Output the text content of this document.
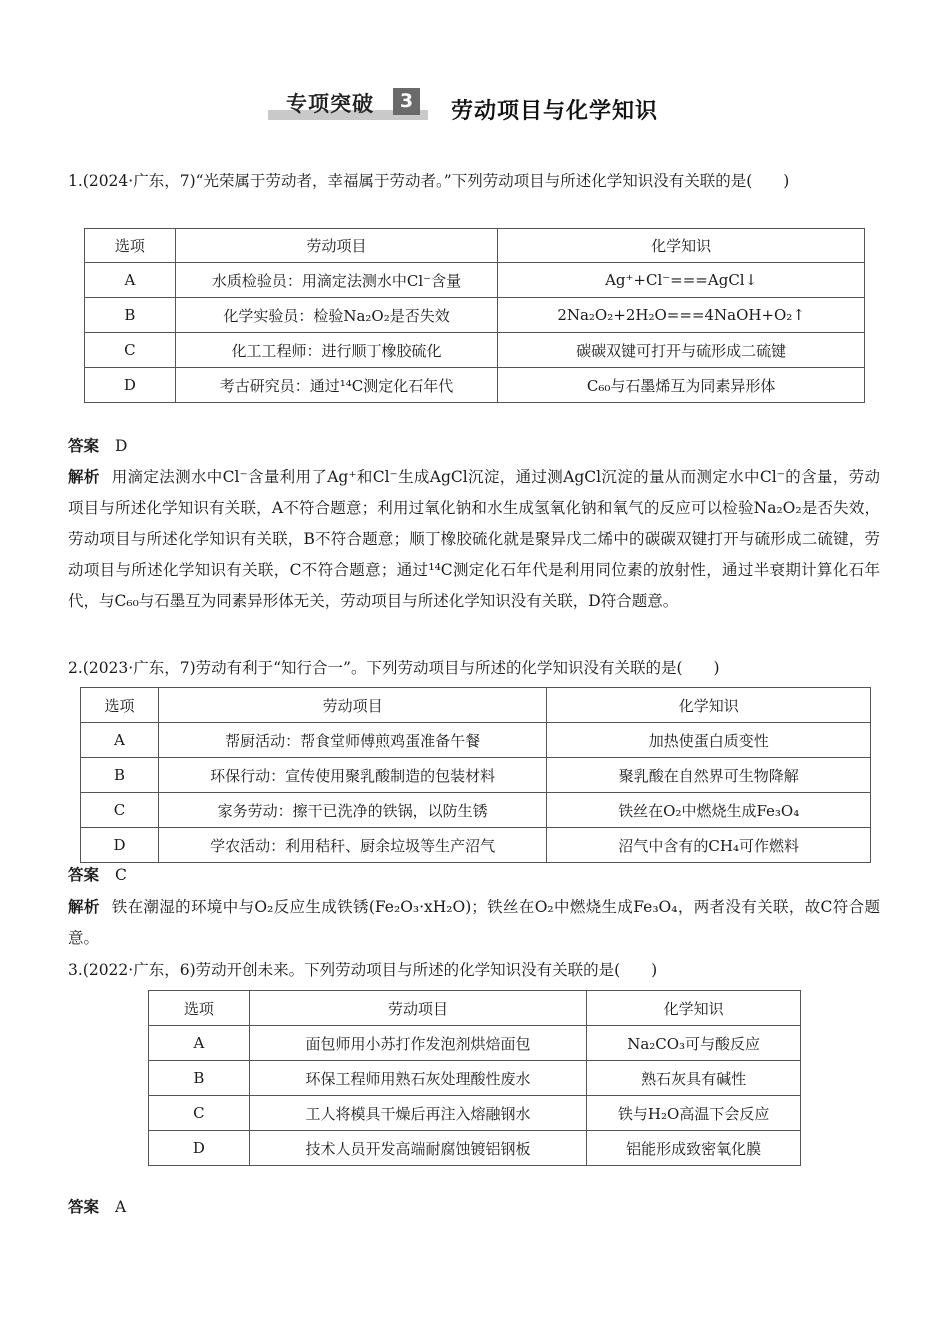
专项突破	3	劳动项目与化学知识
1.(2024·广东，7)“光荣属于劳动者，幸福属于劳动者。”下列劳动项目与所述化学知识没有关联的是(　　)
选项	劳动项目	化学知识
A	水质检验员：用滴定法测水中Cl⁻含量	Ag⁺+Cl⁻===AgCl↓
B	化学实验员：检验Na₂O₂是否失效	2Na₂O₂+2H₂O===4NaOH+O₂↑
C	化工工程师：进行顺丁橡胶硫化	碳碳双键可打开与硫形成二硫键
D	考古研究员：通过¹⁴C测定化石年代	C₆₀与石墨烯互为同素异形体
答案 D
解析 用滴定法测水中Cl⁻含量利用了Ag⁺和Cl⁻生成AgCl沉淀，通过测AgCl沉淀的量从而测定水中Cl⁻的含量，劳动项目与所述化学知识有关联，A不符合题意；利用过氧化钠和水生成氢氧化钠和氧气的反应可以检验Na₂O₂是否失效，劳动项目与所述化学知识有关联，B不符合题意；顺丁橡胶硫化就是聚异戊二烯中的碳碳双键打开与硫形成二硫键，劳动项目与所述化学知识有关联，C不符合题意；通过¹⁴C测定化石年代是利用同位素的放射性，通过半衰期计算化石年代，与C₆₀与石墨互为同素异形体无关，劳动项目与所述化学知识没有关联，D符合题意。
2.(2023·广东，7)劳动有利于“知行合一”。下列劳动项目与所述的化学知识没有关联的是(　　)
选项	劳动项目	化学知识
A	帮厨活动：帮食堂师傅煎鸡蛋准备午餐	加热使蛋白质变性
B	环保行动：宣传使用聚乳酸制造的包装材料	聚乳酸在自然界可生物降解
C	家务劳动：擦干已洗净的铁锅，以防生锈	铁丝在O₂中燃烧生成Fe₃O₄
D	学农活动：利用秸秆、厨余垃圾等生产沼气	沼气中含有的CH₄可作燃料
答案 C
解析 铁在潮湿的环境中与O₂反应生成铁锈(Fe₂O₃·xH₂O)；铁丝在O₂中燃烧生成Fe₃O₄，两者没有关联，故C符合题意。
3.(2022·广东，6)劳动开创未来。下列劳动项目与所述的化学知识没有关联的是(　　)
选项	劳动项目	化学知识
A	面包师用小苏打作发泡剂烘焙面包	Na₂CO₃可与酸反应
B	环保工程师用熟石灰处理酸性废水	熟石灰具有碱性
C	工人将模具干燥后再注入熔融钢水	铁与H₂O高温下会反应
D	技术人员开发高端耐腐蚀镀铝钢板	铝能形成致密氧化膜
答案 A
